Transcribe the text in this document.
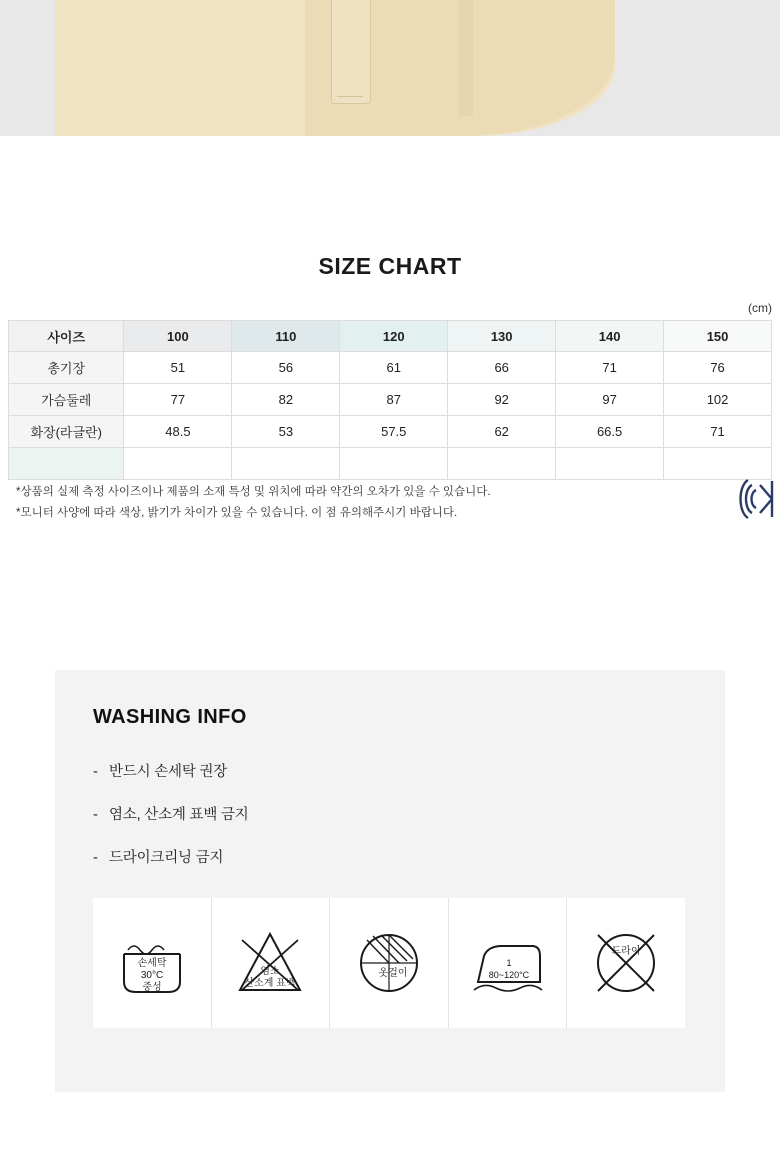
SIZE CHART
(cm)
사이즈	100	110	120	130	140	150
총기장	51	56	61	66	71	76
가슴둘레	77	82	87	92	97	102
화장(라글란)	48.5	53	57.5	62	66.5	71

*상품의 실제 측정 사이즈이나 제품의 소재 특성 및 위치에 따라 약간의 오차가 있을 수 있습니다.
*모니터 사양에 따라 색상, 밝기가 차이가 있을 수 있습니다. 이 점 유의해주시기 바랍니다.
WASHING INFO
- 반드시 손세탁 권장
- 염소, 산소계 표백 금지
- 드라이크리닝 금지
손세탁
30°C
중성
염소
산소계 표백
옷걸이
1
80~120°C
드라이
